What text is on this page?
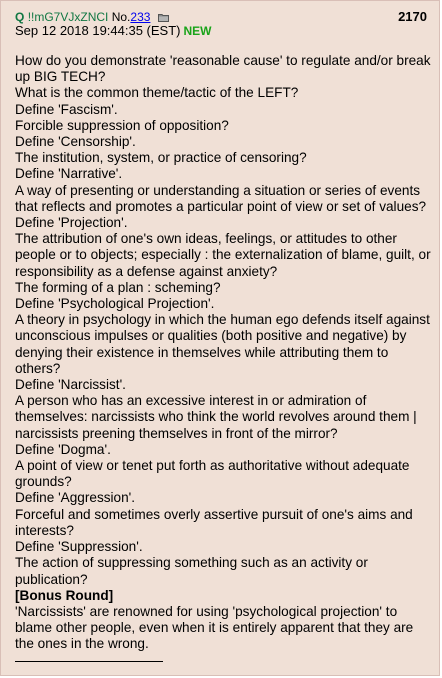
Q !!mG7VJxZNCI No.233
Sep 12 2018 19:44:35 (EST) NEW
2170
How do you demonstrate 'reasonable cause' to regulate and/or break up BIG TECH?
What is the common theme/tactic of the LEFT?
Define 'Fascism'.
Forcible suppression of opposition?
Define 'Censorship'.
The institution, system, or practice of censoring?
Define 'Narrative'.
A way of presenting or understanding a situation or series of events that reflects and promotes a particular point of view or set of values?
Define 'Projection'.
The attribution of one's own ideas, feelings, or attitudes to other people or to objects; especially : the externalization of blame, guilt, or responsibility as a defense against anxiety?
The forming of a plan : scheming?
Define 'Psychological Projection'.
A theory in psychology in which the human ego defends itself against unconscious impulses or qualities (both positive and negative) by denying their existence in themselves while attributing them to others?
Define 'Narcissist'.
A person who has an excessive interest in or admiration of themselves: narcissists who think the world revolves around them | narcissists preening themselves in front of the mirror?
Define 'Dogma'.
A point of view or tenet put forth as authoritative without adequate grounds?
Define 'Aggression'.
Forceful and sometimes overly assertive pursuit of one's aims and interests?
Define 'Suppression'.
The action of suppressing something such as an activity or publication?
[Bonus Round]
'Narcissists' are renowned for using 'psychological projection' to blame other people, even when it is entirely apparent that they are the ones in the wrong.
